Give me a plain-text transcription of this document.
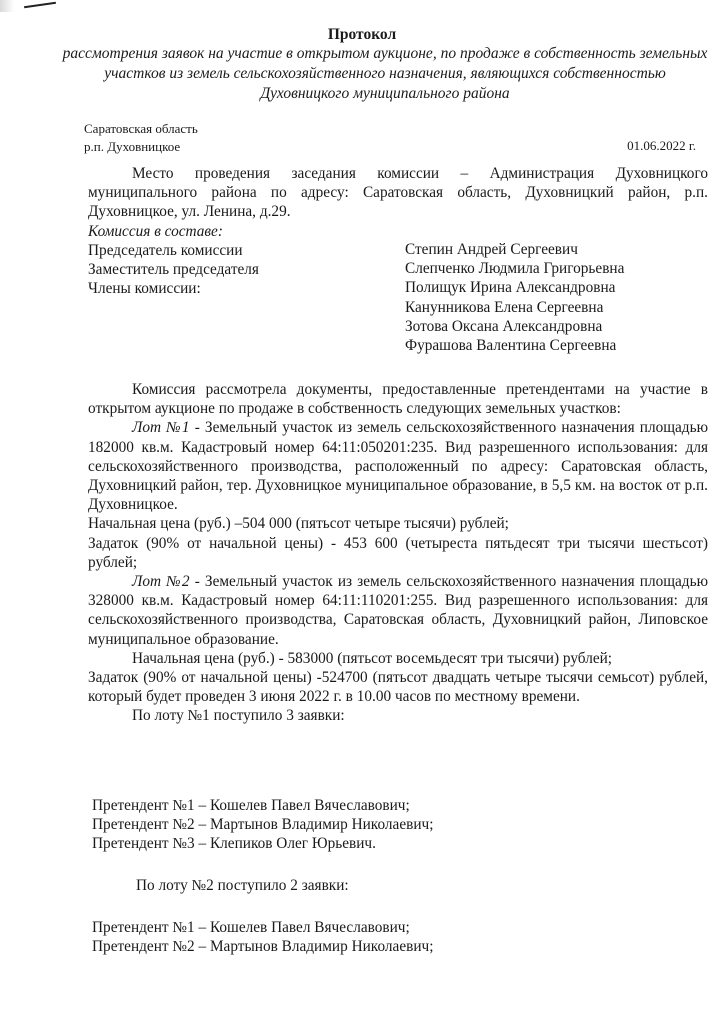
Протокол
рассмотрения заявок на участие в открытом аукционе, по продаже в собственность земельных участков из земель сельскохозяйственного назначения, являющихся собственностью Духовницкого муниципального района
Саратовская область
р.п. Духовницкое	01.06.2022 г.

Место проведения заседания комиссии – Администрация Духовницкого муниципального района по адресу: Саратовская область, Духовницкий район, р.п. Духовницкое, ул. Ленина, д.29.

Комиссия в составе:

Председатель комиссии
Заместитель председателя
Члены комиссии:
Степин Андрей Сергеевич
Слепченко Людмила Григорьевна
Полищук Ирина Александровна
Канунникова Елена Сергеевна
Зотова Оксана Александровна
Фурашова Валентина Сергеевна

Комиссия рассмотрела документы, предоставленные претендентами на участие в открытом аукционе по продаже в собственность следующих земельных участков:

Лот №1 - Земельный участок из земель сельскохозяйственного назначения площадью 182000 кв.м. Кадастровый номер 64:11:050201:235. Вид разрешенного использования: для сельскохозяйственного производства, расположенный по адресу: Саратовская область, Духовницкий район, тер. Духовницкое муниципальное образование, в 5,5 км. на восток от р.п. Духовницкое.

Начальная цена (руб.) –504 000 (пятьсот четыре тысячи) рублей;

Задаток (90% от начальной цены) - 453 600 (четыреста пятьдесят три тысячи шестьсот) рублей;

Лот №2 - Земельный участок из земель сельскохозяйственного назначения площадью 328000 кв.м. Кадастровый номер 64:11:110201:255. Вид разрешенного использования: для сельскохозяйственного производства, Саратовская область, Духовницкий район, Липовское муниципальное образование.

Начальная цена (руб.) - 583000 (пятьсот восемьдесят три тысячи) рублей;

Задаток (90% от начальной цены) -524700 (пятьсот двадцать четыре тысячи семьсот) рублей, который будет проведен 3 июня 2022 г. в 10.00 часов по местному времени.

По лоту №1 поступило 3 заявки:

Претендент №1 – Кошелев Павел Вячеславович;
Претендент №2 – Мартынов Владимир Николаевич;
Претендент №3 – Клепиков Олег Юрьевич.
По лоту №2 поступило 2 заявки:
Претендент №1 – Кошелев Павел Вячеславович;
Претендент №2 – Мартынов Владимир Николаевич;
